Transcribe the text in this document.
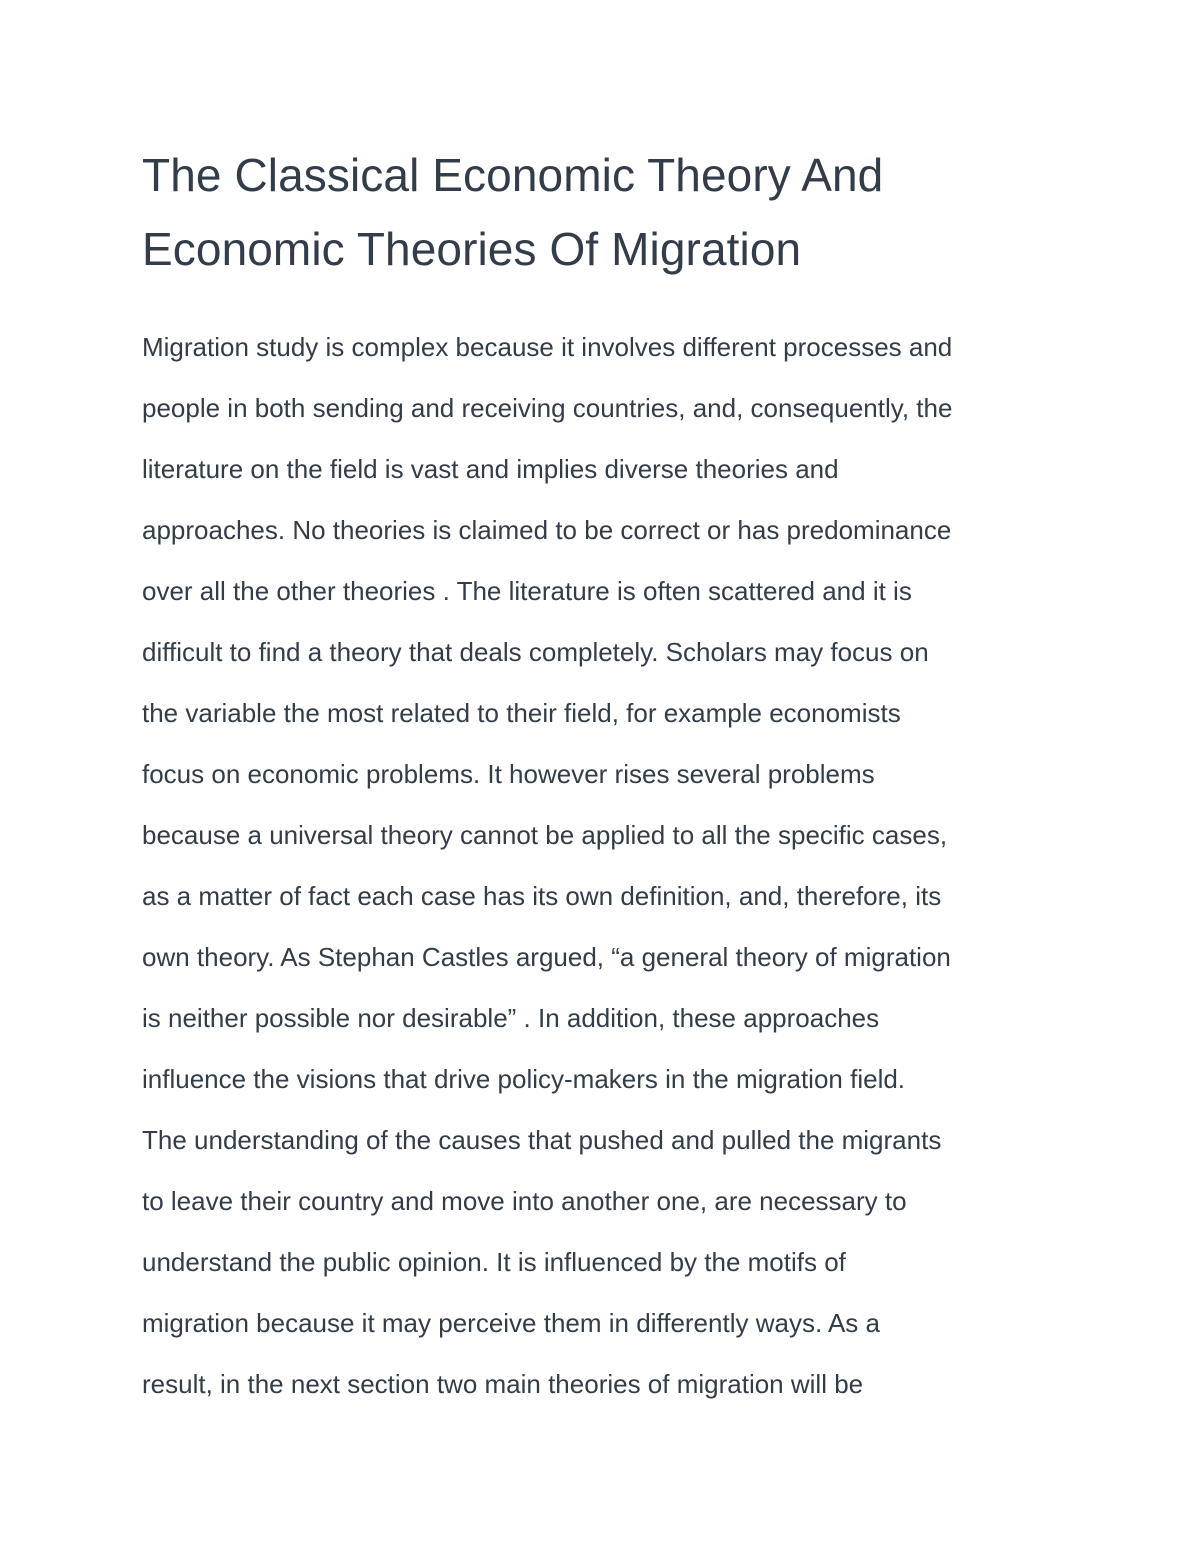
The Classical Economic Theory And
Economic Theories Of Migration
Migration study is complex because it involves different processes and
people in both sending and receiving countries, and, consequently, the
literature on the field is vast and implies diverse theories and
approaches. No theories is claimed to be correct or has predominance
over all the other theories . The literature is often scattered and it is
difficult to find a theory that deals completely. Scholars may focus on
the variable the most related to their field, for example economists
focus on economic problems. It however rises several problems
because a universal theory cannot be applied to all the specific cases,
as a matter of fact each case has its own definition, and, therefore, its
own theory. As Stephan Castles argued, “a general theory of migration
is neither possible nor desirable” . In addition, these approaches
influence the visions that drive policy-makers in the migration field.
The understanding of the causes that pushed and pulled the migrants
to leave their country and move into another one, are necessary to
understand the public opinion. It is influenced by the motifs of
migration because it may perceive them in differently ways. As a
result, in the next section two main theories of migration will be
